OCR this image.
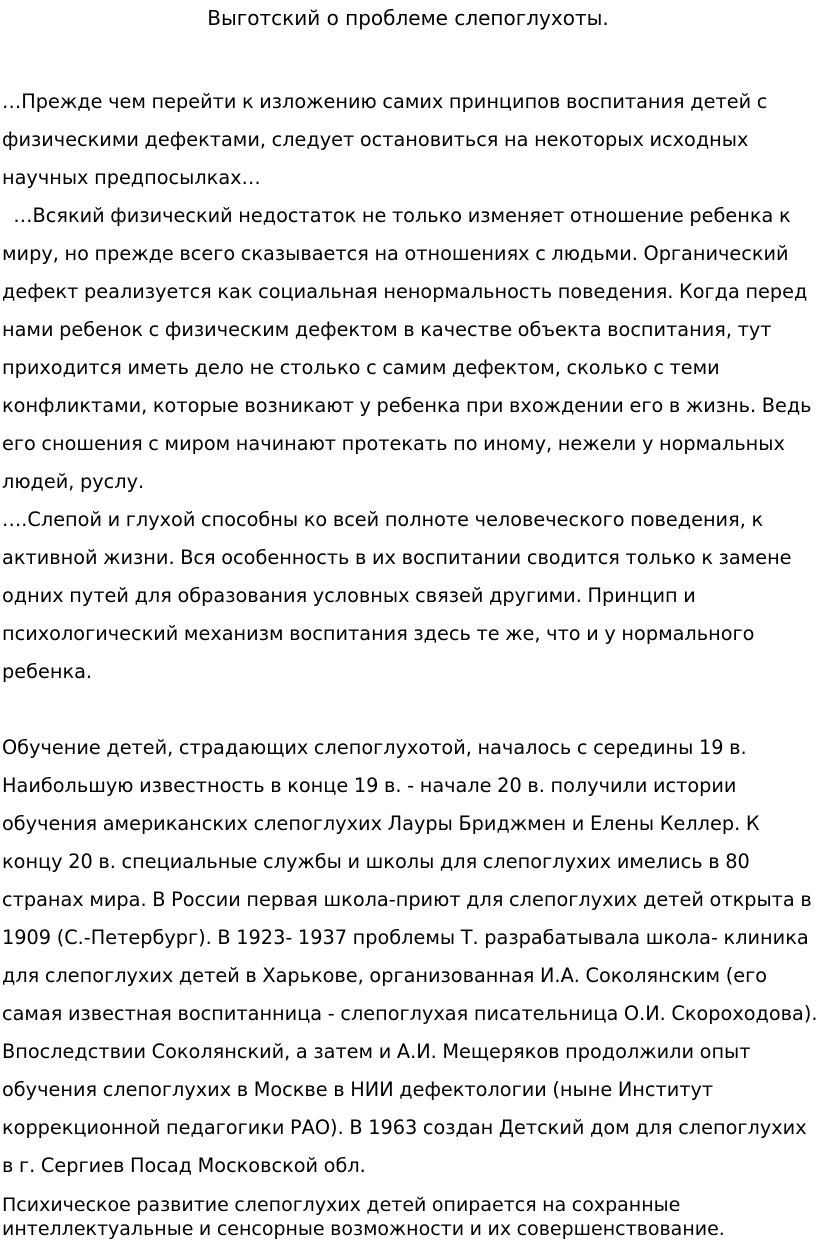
Выготский о проблеме слепоглухоты.

…Прежде чем перейти к изложению самих принципов воспитания детей с физическими дефектами, следует остановиться на некоторых исходных научных предпосылках…

…Всякий физический недостаток не только изменяет отношение ребенка к миру, но прежде всего сказывается на отношениях с людьми. Органический дефект реализуется как социальная ненормальность поведения. Когда перед нами ребенок с физическим дефектом в качестве объекта воспитания, тут приходится иметь дело не столько с самим дефектом, сколько с теми конфликтами, которые возникают у ребенка при вхождении его в жизнь. Ведь его сношения с миром начинают протекать по иному, нежели у нормальных людей, руслу.

….Слепой и глухой способны ко всей полноте человеческого поведения, к активной жизни. Вся особенность в их воспитании сводится только к замене одних путей для образования условных связей другими. Принцип и психологический механизм воспитания здесь те же, что и у нормального ребенка.

Обучение детей, страдающих слепоглухотой, началось с середины 19 в. Наибольшую известность в конце 19 в. - начале 20 в. получили истории обучения американских слепоглухих Лауры Бриджмен и Елены Келлер. К концу 20 в. специальные службы и школы для слепоглухих имелись в 80 странах мира. В России первая школа-приют для слепоглухих детей открыта в 1909 (С.-Петербург). В 1923- 1937 проблемы Т. разрабатывала школа- клиника для слепоглухих детей в Харькове, организованная И.А. Соколянским (его самая известная воспитанница - слепоглухая писательница О.И. Скороходова). Впоследствии Соколянский, а затем и А.И. Мещеряков продолжили опыт обучения слепоглухих в Москве в НИИ дефектологии (ныне Институт коррекционной педагогики РАО). В 1963 создан Детский дом для слепоглухих в г. Сергиев Посад Московской обл.

Психическое развитие слепоглухих детей опирается на сохранные интеллектуальные и сенсорные возможности и их совершенствование.
